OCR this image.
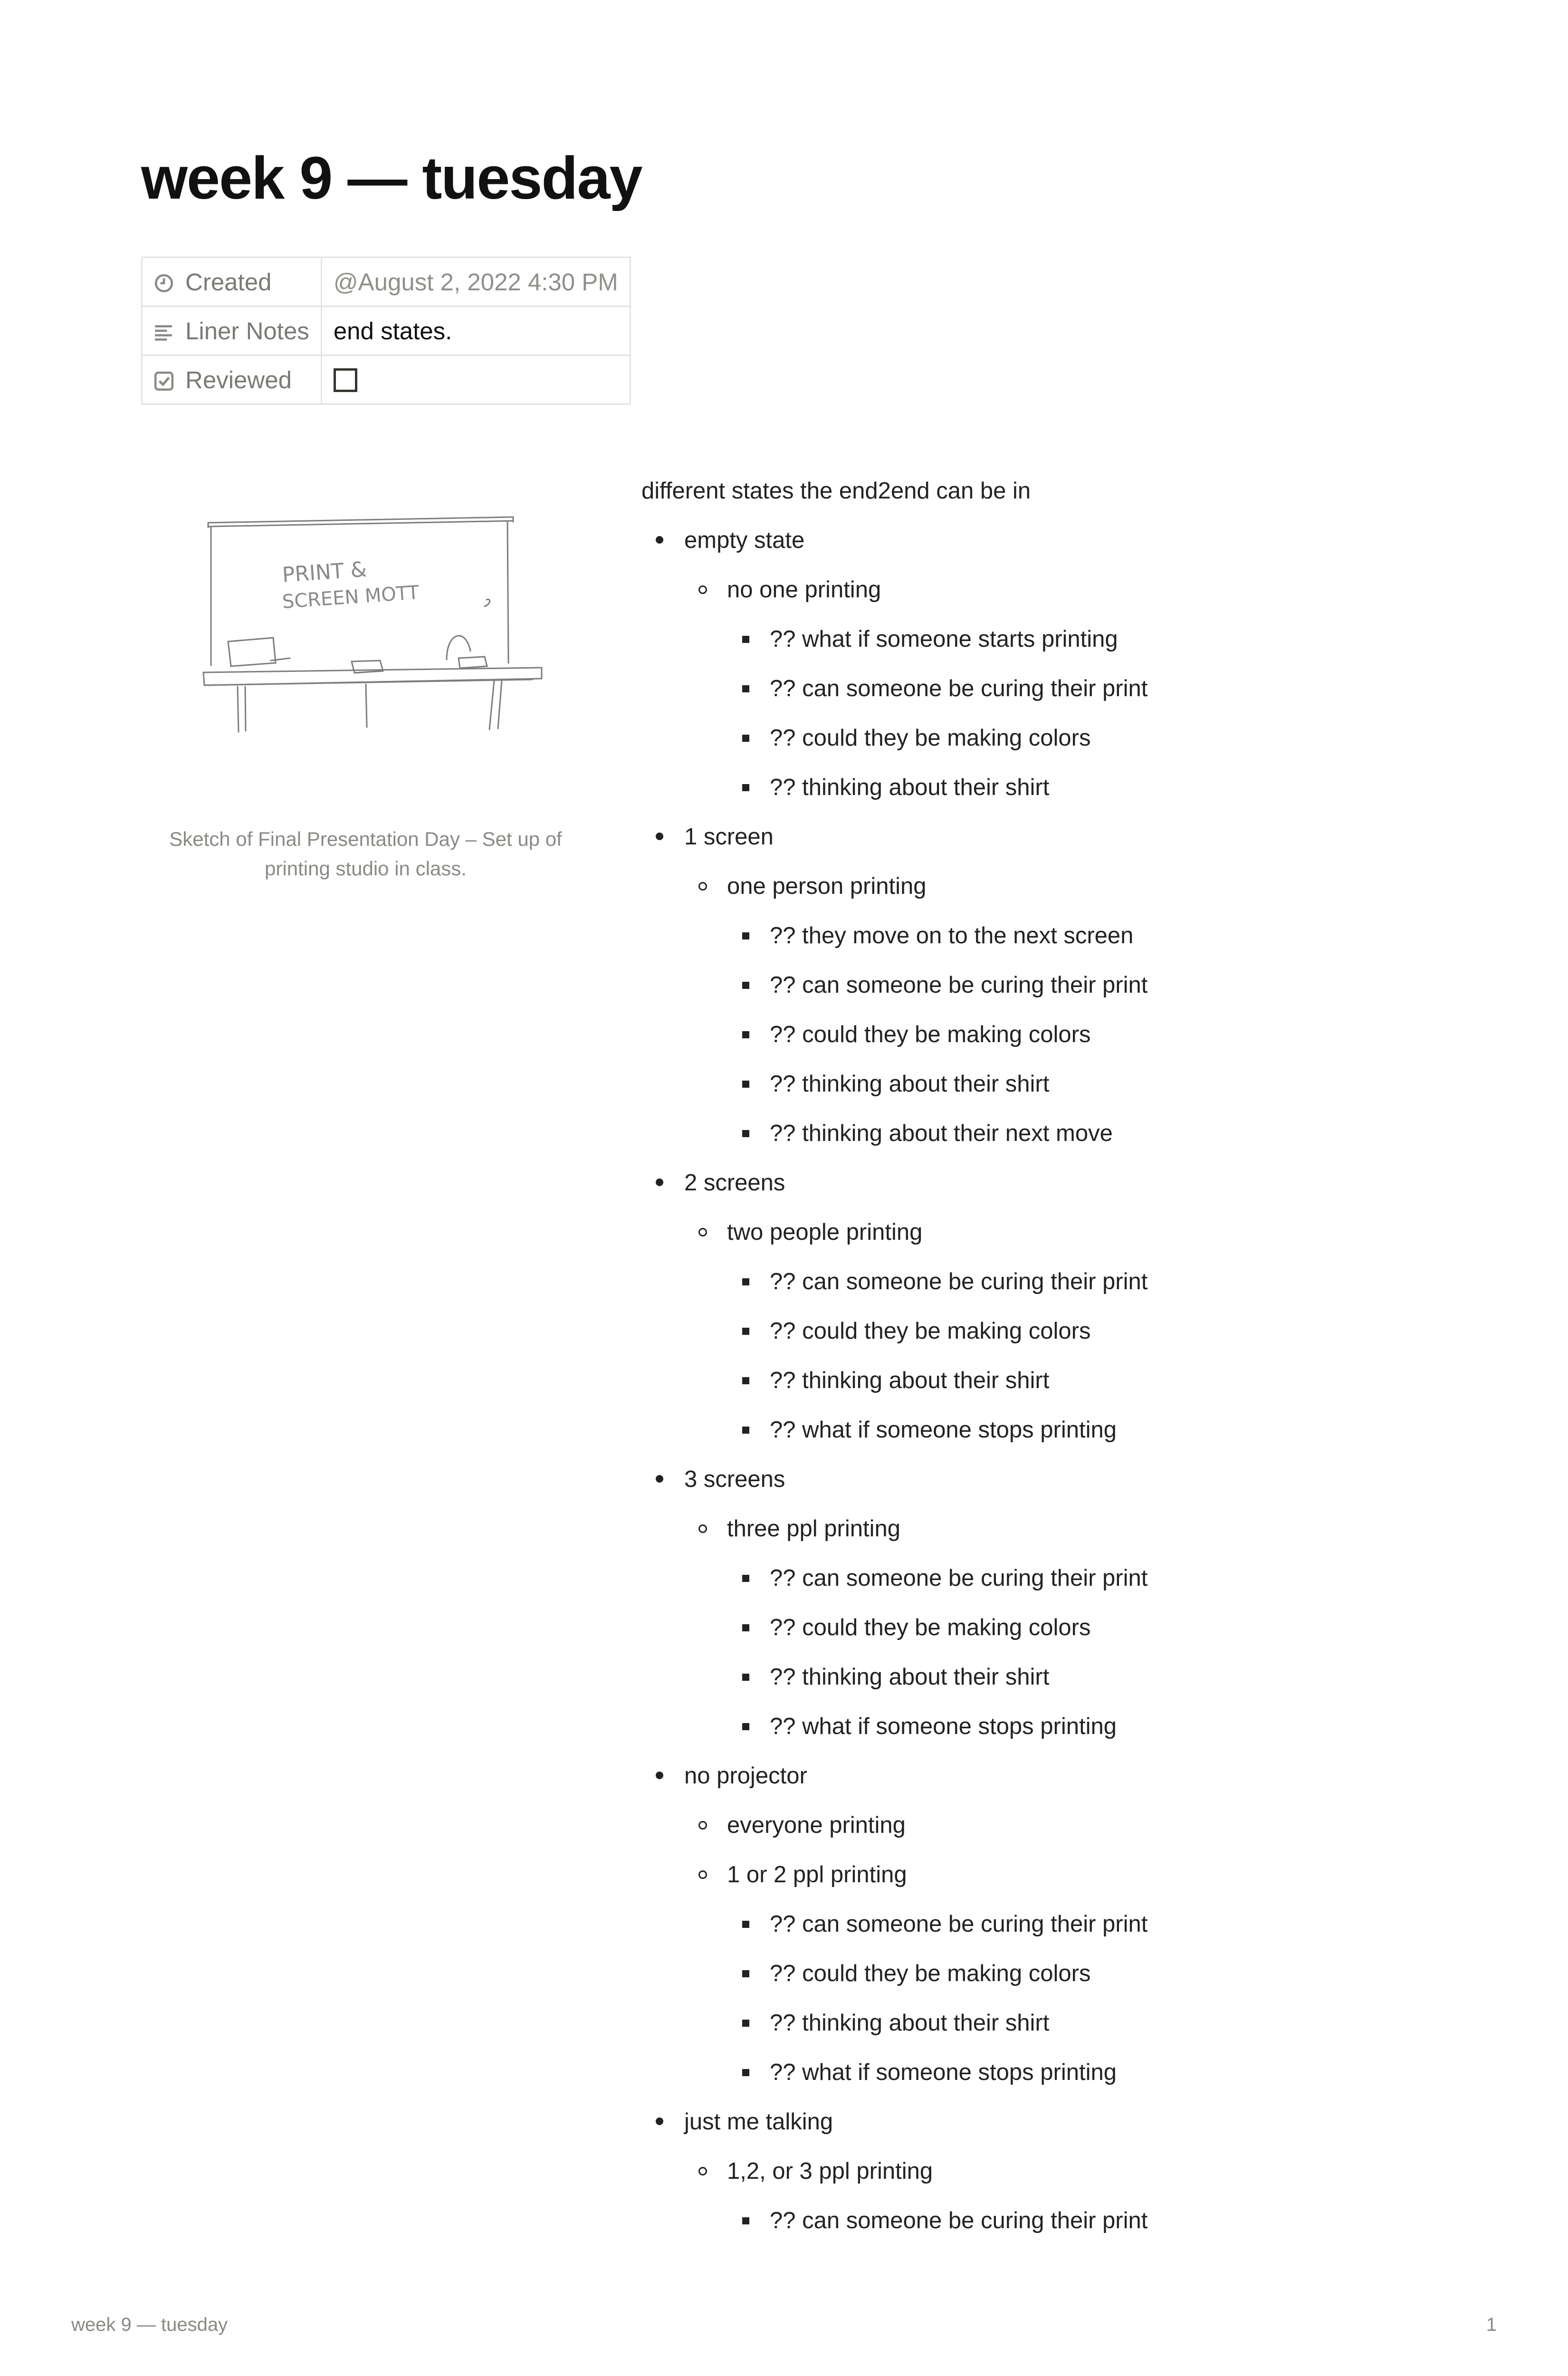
week 9 — tuesday
Created	@August 2, 2022 4:30 PM
Liner Notes	end states.
Reviewed	
PRINT &
SCREEN MOTT
Sketch of Final Presentation Day – Set up of printing studio in class.

different states the end2end can be in

empty state
no one printing
?? what if someone starts printing
?? can someone be curing their print
?? could they be making colors
?? thinking about their shirt
1 screen
one person printing
?? they move on to the next screen
?? can someone be curing their print
?? could they be making colors
?? thinking about their shirt
?? thinking about their next move
2 screens
two people printing
?? can someone be curing their print
?? could they be making colors
?? thinking about their shirt
?? what if someone stops printing
3 screens
three ppl printing
?? can someone be curing their print
?? could they be making colors
?? thinking about their shirt
?? what if someone stops printing
no projector
everyone printing
1 or 2 ppl printing
?? can someone be curing their print
?? could they be making colors
?? thinking about their shirt
?? what if someone stops printing
just me talking
1,2, or 3 ppl printing
?? can someone be curing their print
week 9 — tuesday	1
